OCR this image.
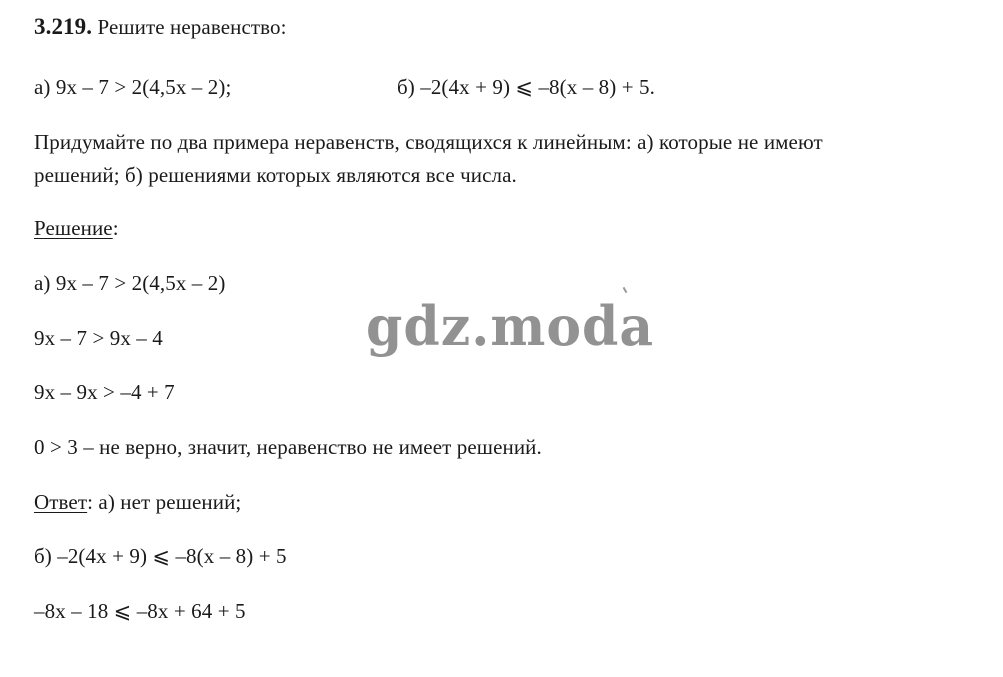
3.219. Решите неравенство:
а) 9x – 7 > 2(4,5x – 2);	б) –2(4x + 9) ⩽ –8(x – 8) + 5.
Придумайте по два примера неравенств, сводящихся к линейным: а) которые не имеют
решений; б) решениями которых являются все числа.
Решение:
а) 9x – 7 > 2(4,5x – 2)
9x – 7 > 9x – 4
9x – 9x > –4 + 7
0 > 3 – не верно, значит, неравенство не имеет решений.
Ответ: а) нет решений;
б) –2(4x + 9) ⩽ –8(x – 8) + 5
–8x – 18 ⩽ –8x + 64 + 5
gdz.moda
